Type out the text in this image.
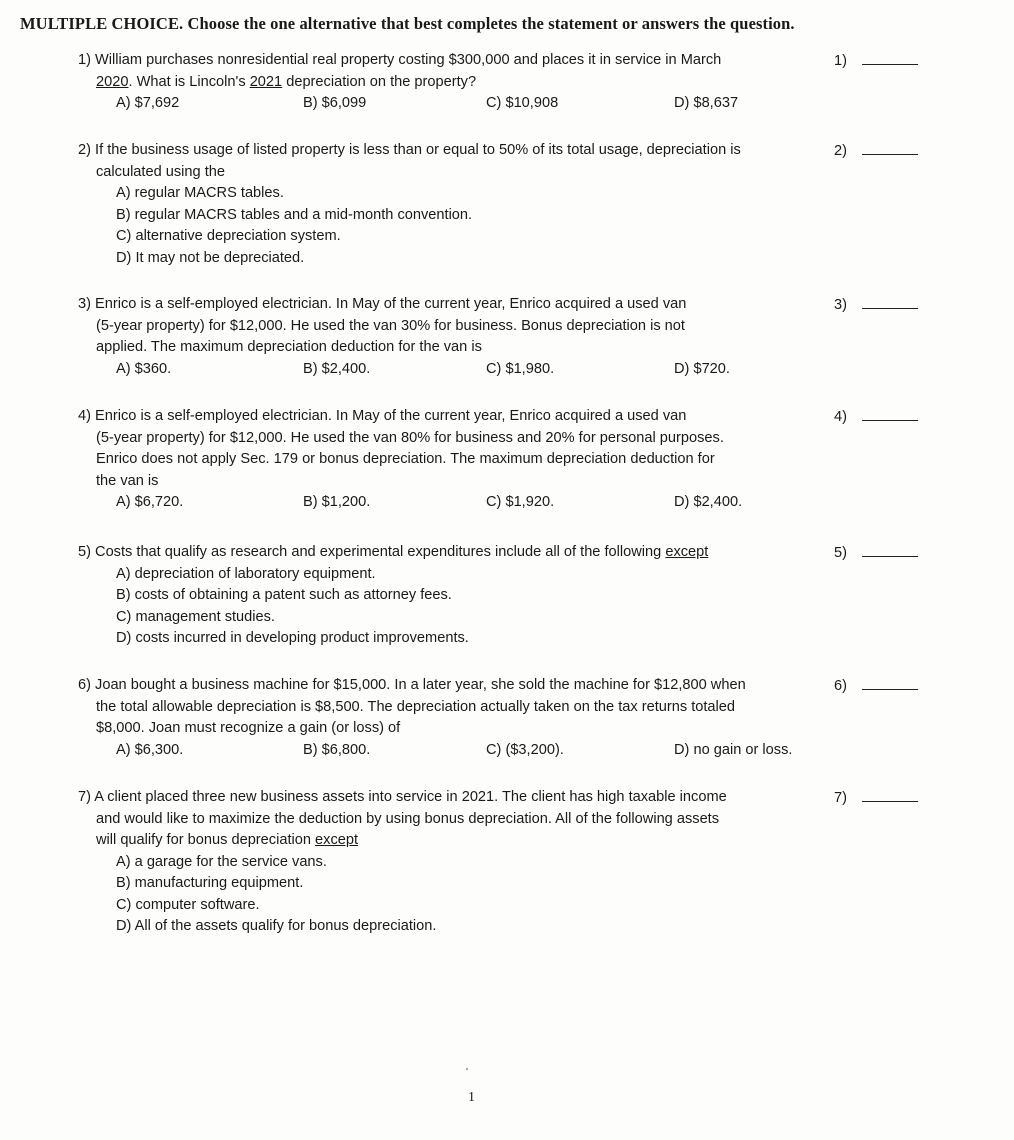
MULTIPLE CHOICE. Choose the one alternative that best completes the statement or answers the question.
1) William purchases nonresidential real property costing $300,000 and places it in service in March
2020. What is Lincoln's 2021 depreciation on the property?
1)
A) $7,692	B) $6,099	C) $10,908	D) $8,637
2) If the business usage of listed property is less than or equal to 50% of its total usage, depreciation is
calculated using the
2)
A) regular MACRS tables.
B) regular MACRS tables and a mid-month convention.
C) alternative depreciation system.
D) It may not be depreciated.
3) Enrico is a self-employed electrician. In May of the current year, Enrico acquired a used van
(5-year property) for $12,000. He used the van 30% for business. Bonus depreciation is not
applied. The maximum depreciation deduction for the van is
3)
A) $360.	B) $2,400.	C) $1,980.	D) $720.
4) Enrico is a self-employed electrician. In May of the current year, Enrico acquired a used van
(5-year property) for $12,000. He used the van 80% for business and 20% for personal purposes.
Enrico does not apply Sec. 179 or bonus depreciation. The maximum depreciation deduction for
the van is
4)
A) $6,720.	B) $1,200.	C) $1,920.	D) $2,400.
5) Costs that qualify as research and experimental expenditures include all of the following except	5)
A) depreciation of laboratory equipment.
B) costs of obtaining a patent such as attorney fees.
C) management studies.
D) costs incurred in developing product improvements.
6) Joan bought a business machine for $15,000. In a later year, she sold the machine for $12,800 when
the total allowable depreciation is $8,500. The depreciation actually taken on the tax returns totaled
$8,000. Joan must recognize a gain (or loss) of
6)
A) $6,300.	B) $6,800.	C) ($3,200).	D) no gain or loss.
7) A client placed three new business assets into service in 2021. The client has high taxable income
and would like to maximize the deduction by using bonus depreciation. All of the following assets
will qualify for bonus depreciation except
7)
A) a garage for the service vans.
B) manufacturing equipment.
C) computer software.
D) All of the assets qualify for bonus depreciation.
1
